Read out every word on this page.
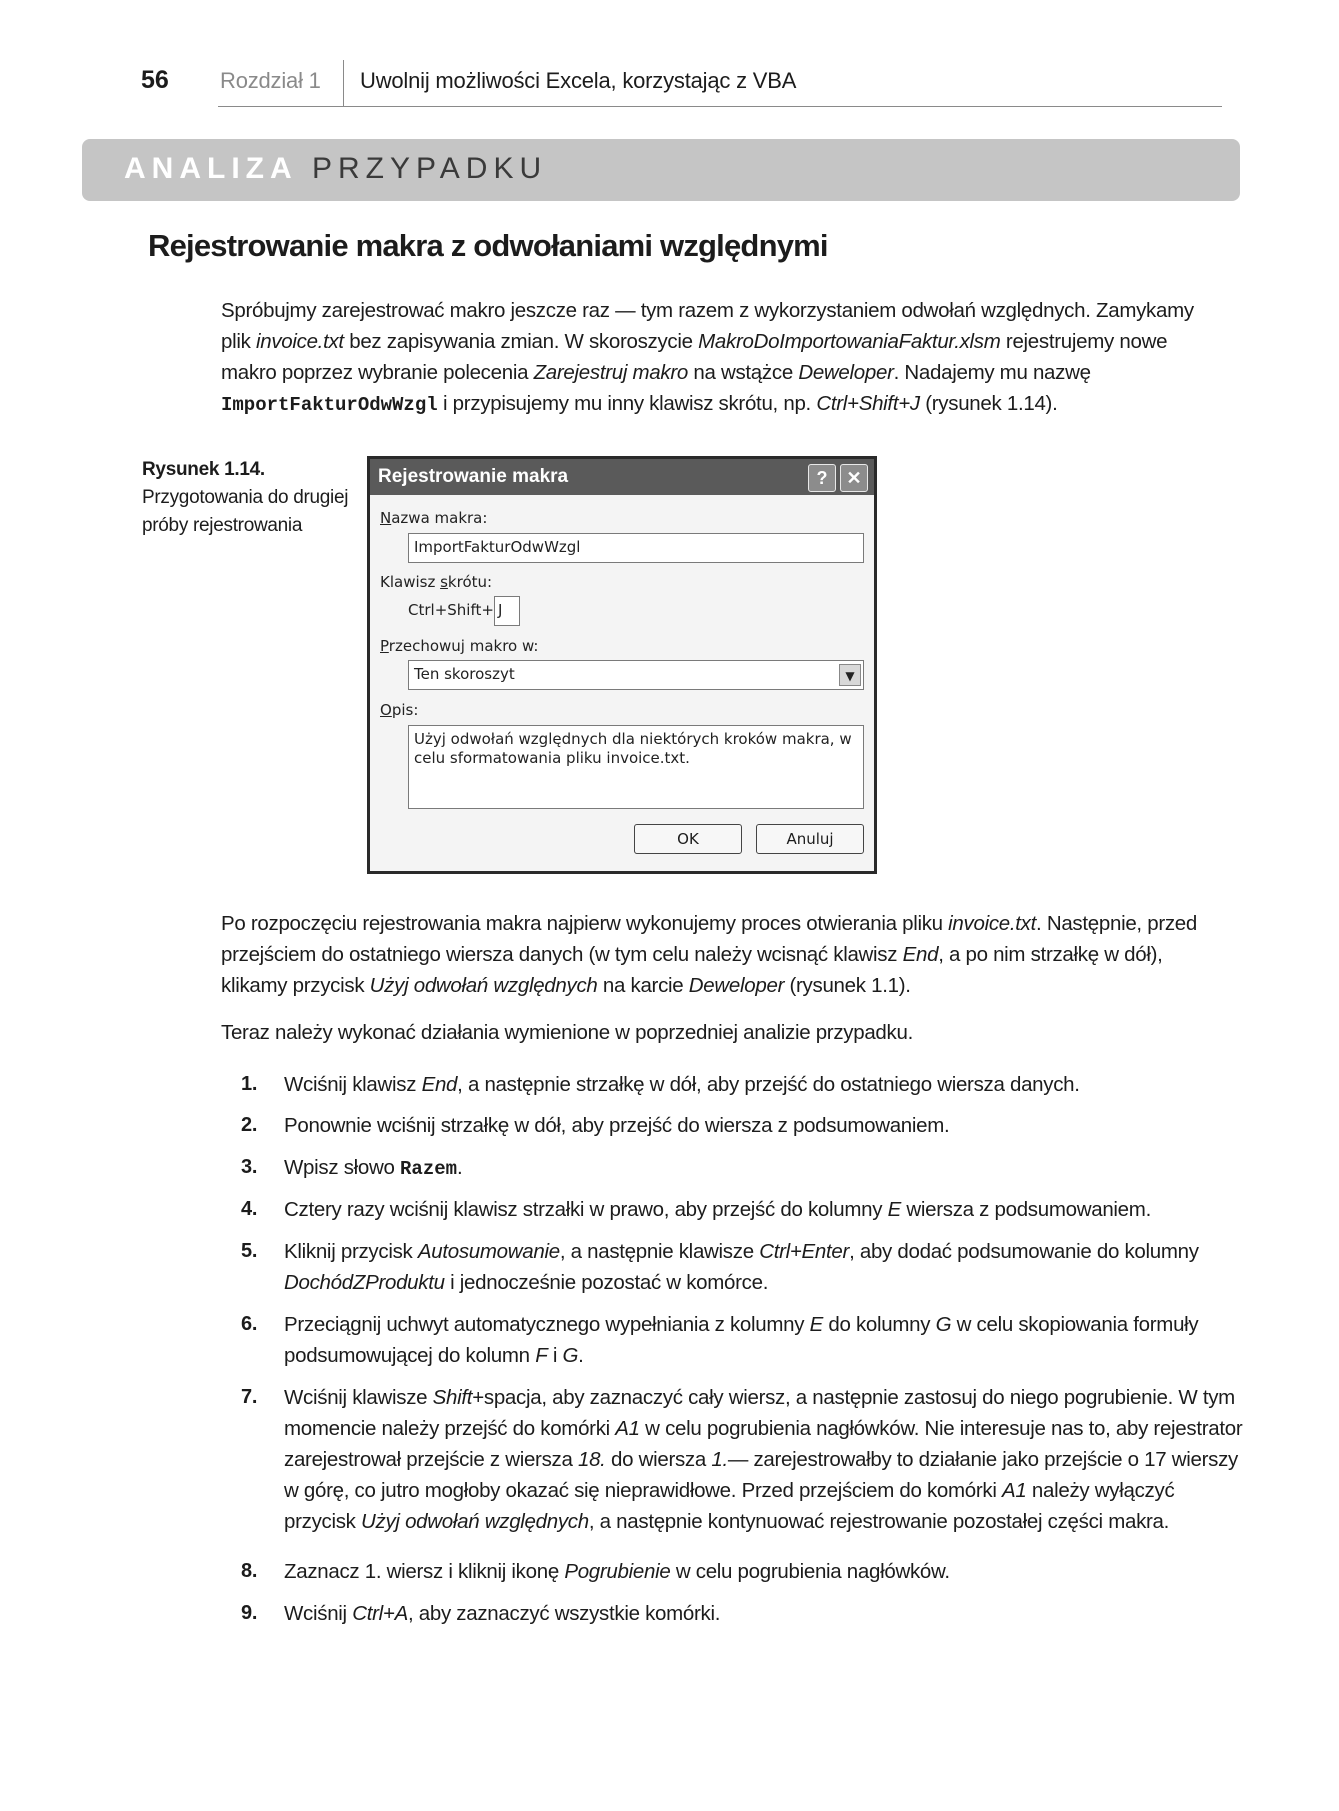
56 Rozdział 1 Uwolnij możliwości Excela, korzystając z VBA
ANALIZA PRZYPADKU
Rejestrowanie makra z odwołaniami względnymi
Spróbujmy zarejestrować makro jeszcze raz — tym razem z wykorzystaniem odwołań względnych. Zamykamy plik invoice.txt bez zapisywania zmian. W skoroszycie MakroDoImportowaniaFaktur.xlsm rejestrujemy nowe makro poprzez wybranie polecenia Zarejestruj makro na wstążce Deweloper. Nadajemy mu nazwę ImportFakturOdwWzgl i przypisujemy mu inny klawisz skrótu, np. Ctrl+Shift+J (rysunek 1.14).
Rysunek 1.14.
Przygotowania do drugiej próby rejestrowania
Rejestrowanie makra	?	✕
Nazwa makra:
ImportFakturOdwWzgl
Klawisz skrótu:
Ctrl+Shift+ J
Przechowuj makro w:
Ten skoroszyt	▼
Opis:
Użyj odwołań względnych dla niektórych kroków makra, w celu sformatowania pliku invoice.txt.
OK	Anuluj
Po rozpoczęciu rejestrowania makra najpierw wykonujemy proces otwierania pliku invoice.txt. Następnie, przed przejściem do ostatniego wiersza danych (w tym celu należy wcisnąć klawisz End, a po nim strzałkę w dół), klikamy przycisk Użyj odwołań względnych na karcie Deweloper (rysunek 1.1).
Teraz należy wykonać działania wymienione w poprzedniej analizie przypadku.
1. Wciśnij klawisz End, a następnie strzałkę w dół, aby przejść do ostatniego wiersza danych.
2. Ponownie wciśnij strzałkę w dół, aby przejść do wiersza z podsumowaniem.
3. Wpisz słowo Razem.
4. Cztery razy wciśnij klawisz strzałki w prawo, aby przejść do kolumny E wiersza z podsumowaniem.
5. Kliknij przycisk Autosumowanie, a następnie klawisze Ctrl+Enter, aby dodać podsumowanie do kolumny DochódZProduktu i jednocześnie pozostać w komórce.
6. Przeciągnij uchwyt automatycznego wypełniania z kolumny E do kolumny G w celu skopiowania formuły podsumowującej do kolumn F i G.
7. Wciśnij klawisze Shift+spacja, aby zaznaczyć cały wiersz, a następnie zastosuj do niego pogrubienie. W tym momencie należy przejść do komórki A1 w celu pogrubienia nagłówków. Nie interesuje nas to, aby rejestrator zarejestrował przejście z wiersza 18. do wiersza 1.— zarejestrowałby to działanie jako przejście o 17 wierszy w górę, co jutro mogłoby okazać się nieprawidłowe. Przed przejściem do komórki A1 należy wyłączyć przycisk Użyj odwołań względnych, a następnie kontynuować rejestrowanie pozostałej części makra.
8. Zaznacz 1. wiersz i kliknij ikonę Pogrubienie w celu pogrubienia nagłówków.
9. Wciśnij Ctrl+A, aby zaznaczyć wszystkie komórki.
